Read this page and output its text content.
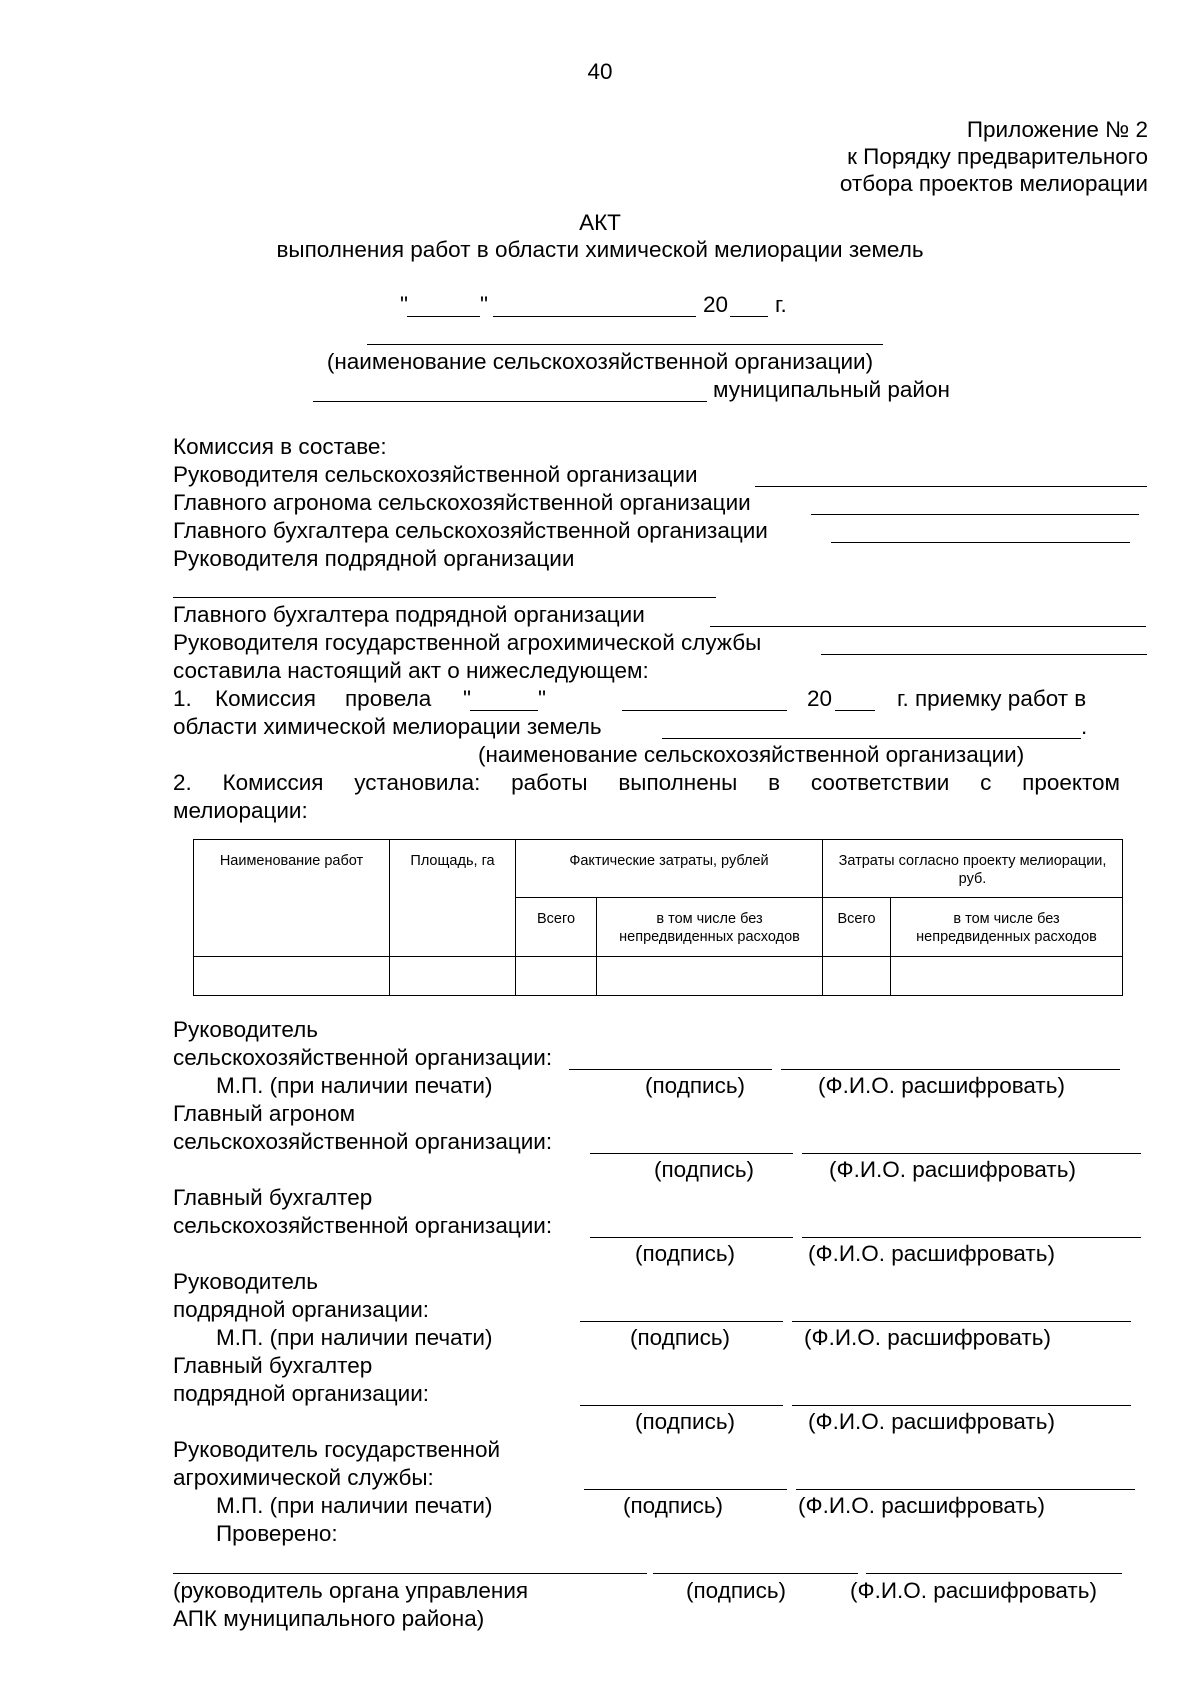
40
Приложение № 2
к Порядку предварительного
отбора проектов мелиорации
АКТ
выполнения работ в области химической мелиорации земель
"	"	20 г.
(наименование сельскохозяйственной организации)
муниципальный район
Комиссия в составе:
Руководителя сельскохозяйственной организации
Главного агронома сельскохозяйственной организации
Главного бухгалтера сельскохозяйственной организации
Руководителя подрядной организации
Главного бухгалтера подрядной организации
Руководителя государственной агрохимической службы
составила настоящий акт о нижеследующем:
1. Комиссия провела "	"	20	г. приемку работ в
области химической мелиорации земель	.
(наименование сельскохозяйственной организации)
2. Комиссия установила: работы выполнены в соответствии с проектом
мелиорации:
Наименование работ	Площадь, га	Фактические затраты, рублей		Затраты согласно проекту мелиорации, руб.	
		Всего	в том числе без непредвиденных расходов	Всего	в том числе без непредвиденных расходов

Руководитель
сельскохозяйственной организации:
М.П. (при наличии печати)	(подпись)	(Ф.И.О. расшифровать)
Главный агроном
сельскохозяйственной организации:
(подпись)	(Ф.И.О. расшифровать)
Главный бухгалтер
сельскохозяйственной организации:
(подпись)	(Ф.И.О. расшифровать)
Руководитель
подрядной организации:
М.П. (при наличии печати)	(подпись)	(Ф.И.О. расшифровать)
Главный бухгалтер
подрядной организации:
(подпись)	(Ф.И.О. расшифровать)
Руководитель государственной
агрохимической службы:
М.П. (при наличии печати)	(подпись)	(Ф.И.О. расшифровать)
Проверено:
(руководитель органа управления	(подпись)	(Ф.И.О. расшифровать)
АПК муниципального района)
